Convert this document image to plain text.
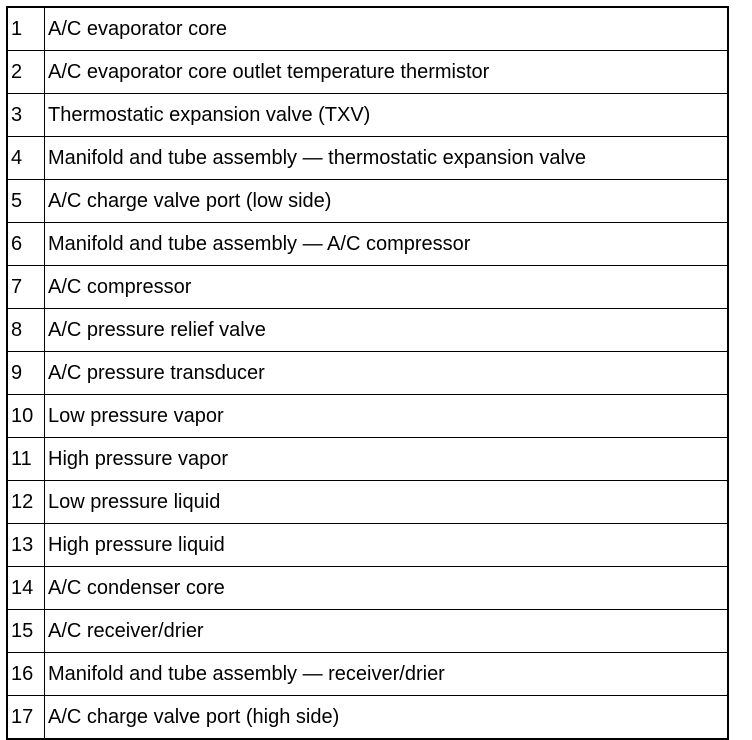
1	A/C evaporator core
2	A/C evaporator core outlet temperature thermistor
3	Thermostatic expansion valve (TXV)
4	Manifold and tube assembly — thermostatic expansion valve
5	A/C charge valve port (low side)
6	Manifold and tube assembly — A/C compressor
7	A/C compressor
8	A/C pressure relief valve
9	A/C pressure transducer
10	Low pressure vapor
11	High pressure vapor
12	Low pressure liquid
13	High pressure liquid
14	A/C condenser core
15	A/C receiver/drier
16	Manifold and tube assembly — receiver/drier
17	A/C charge valve port (high side)
